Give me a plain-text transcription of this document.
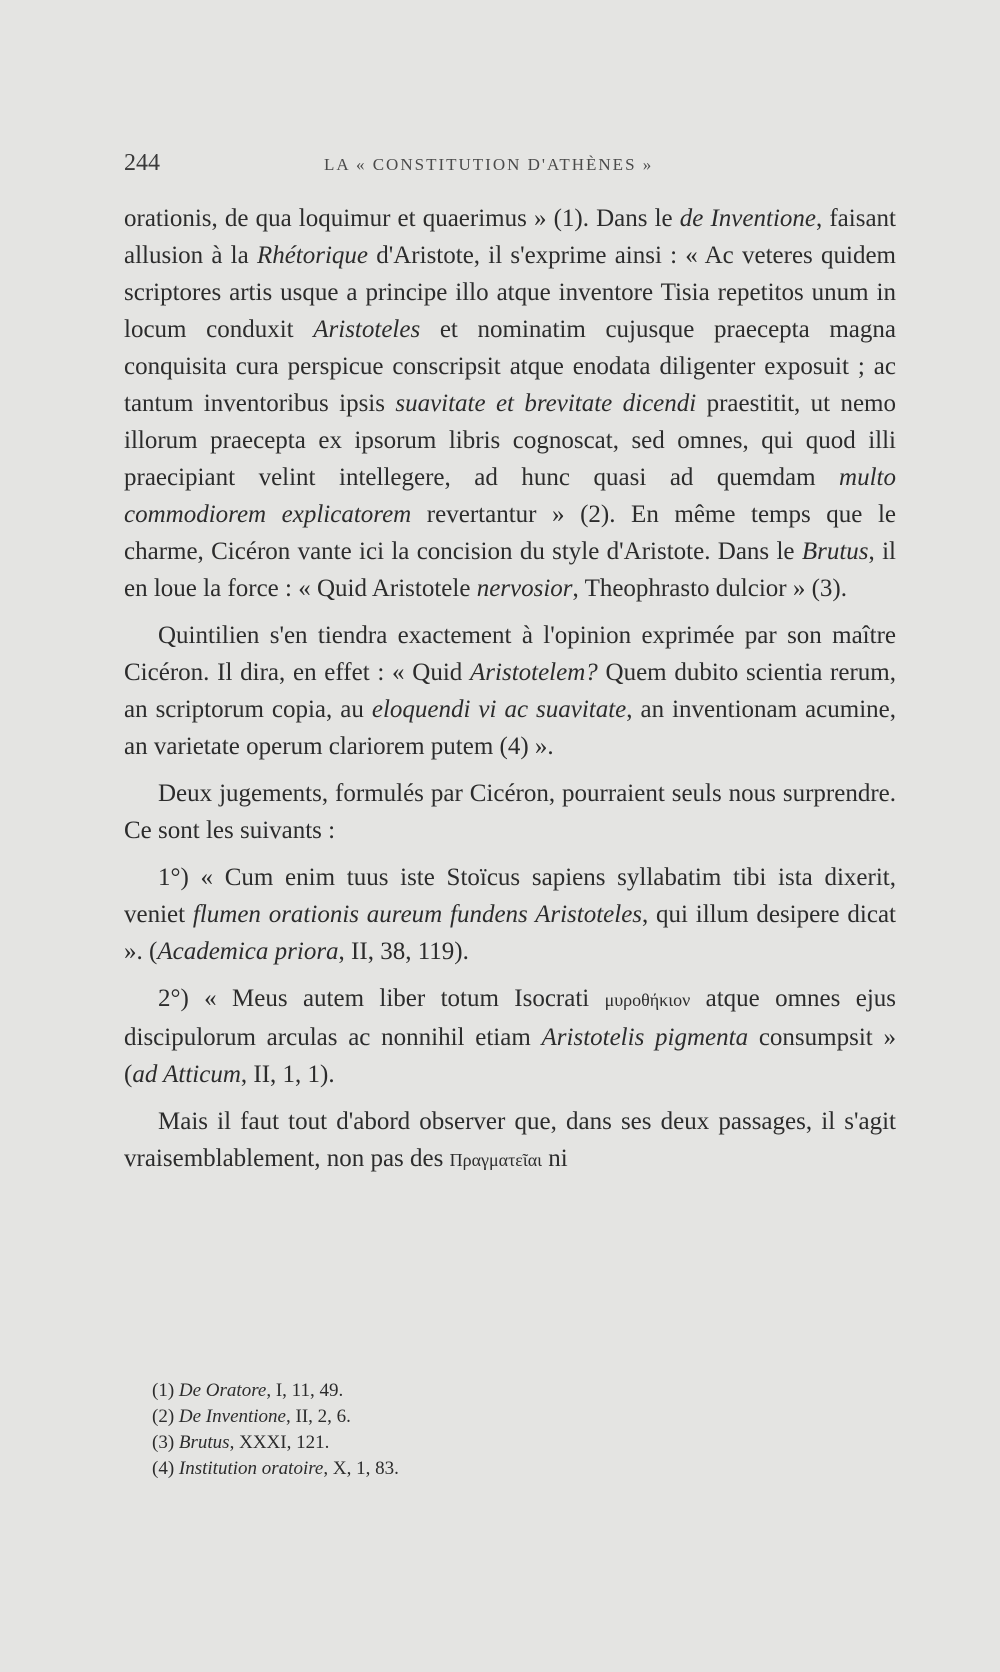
244	LA « CONSTITUTION D'ATHÈNES »

orationis, de qua loquimur et quaerimus » (1). Dans le de Inventione, faisant allusion à la Rhétorique d'Aristote, il s'exprime ainsi : « Ac veteres quidem scriptores artis usque a principe illo atque inventore Tisia repetitos unum in locum conduxit Aristoteles et nominatim cujusque praecepta magna conquisita cura perspicue conscripsit atque enodata diligenter exposuit ; ac tantum inventoribus ipsis suavitate et brevitate dicendi praestitit, ut nemo illorum praecepta ex ipsorum libris cognoscat, sed omnes, qui quod illi praecipiant velint intellegere, ad hunc quasi ad quemdam multo commodiorem explicatorem revertantur » (2). En même temps que le charme, Cicéron vante ici la concision du style d'Aristote. Dans le Brutus, il en loue la force : « Quid Aristotele nervosior, Theophrasto dulcior » (3).

Quintilien s'en tiendra exactement à l'opinion exprimée par son maître Cicéron. Il dira, en effet : « Quid Aristotelem? Quem dubito scientia rerum, an scriptorum copia, au eloquendi vi ac suavitate, an inventionam acumine, an varietate operum clariorem putem (4) ».

Deux jugements, formulés par Cicéron, pourraient seuls nous surprendre. Ce sont les suivants :

1°) « Cum enim tuus iste Stoïcus sapiens syllabatim tibi ista dixerit, veniet flumen orationis aureum fundens Aristoteles, qui illum desipere dicat ». (Academica priora, II, 38, 119).

2°) « Meus autem liber totum Isocrati μυροθήκιον atque omnes ejus discipulorum arculas ac nonnihil etiam Aristotelis pigmenta consumpsit » (ad Atticum, II, 1, 1).

Mais il faut tout d'abord observer que, dans ses deux passages, il s'agit vraisemblablement, non pas des Πραγματεῖαι ni

(1) De Oratore, I, 11, 49.
(2) De Inventione, II, 2, 6.
(3) Brutus, XXXI, 121.
(4) Institution oratoire, X, 1, 83.
